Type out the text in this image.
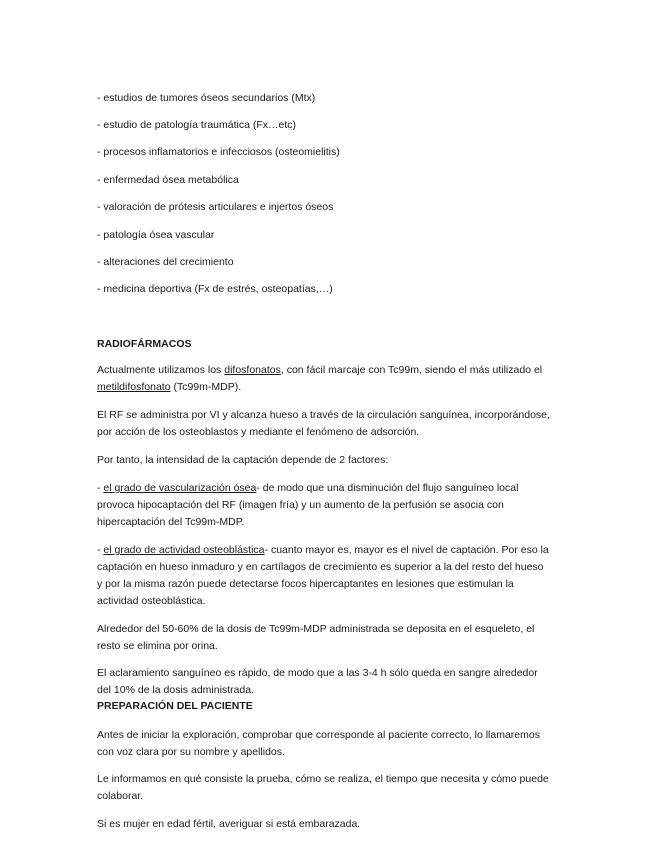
- estudios de tumores óseos secundarios (Mtx)
- estudio de patología traumática (Fx…etc)
- procesos inflamatorios e infecciosos (osteomielitis)
- enfermedad ósea metabólica
- valoración de prótesis articulares e injertos óseos
- patología ósea vascular
- alteraciones del crecimiento
- medicina deportiva (Fx de estrés, osteopatías,…)
RADIOFÁRMACOS
Actualmente utilizamos los difosfonatos, con fácil marcaje con Tc99m, siendo el más utilizado el
metildifosfonato (Tc99m-MDP).
El RF se administra por VI y alcanza hueso a través de la circulación sanguínea, incorporándose,
por acción de los osteoblastos y mediante el fenómeno de adsorción.
Por tanto, la intensidad de la captación depende de 2 factores:
- el grado de vascularización ósea- de modo que una disminución del flujo sanguíneo local
provoca hipocaptación del RF (imagen fría) y un aumento de la perfusión se asocia con
hipercaptación del Tc99m-MDP.
- el grado de actividad osteoblástica- cuanto mayor es, mayor es el nivel de captación. Por eso la
captación en hueso inmaduro y en cartílagos de crecimiento es superior a la del resto del hueso
y por la misma razón puede detectarse focos hipercaptantes en lesiones que estimulan la
actividad osteoblástica.
Alrededor del 50-60% de la dosis de Tc99m-MDP administrada se deposita en el esqueleto, el
resto se elimina por orina.
El aclaramiento sanguíneo es rápido, de modo que a las 3-4 h sólo queda en sangre alrededor
del 10% de la dosis administrada.
PREPARACIÓN DEL PACIENTE
Antes de iniciar la exploración, comprobar que corresponde al paciente correcto, lo llamaremos
con voz clara por su nombre y apellidos.
Le informamos en qué consiste la prueba, cómo se realiza, el tiempo que necesita y cómo puede
colaborar.
Si es mujer en edad fértil, averiguar si está embarazada.
